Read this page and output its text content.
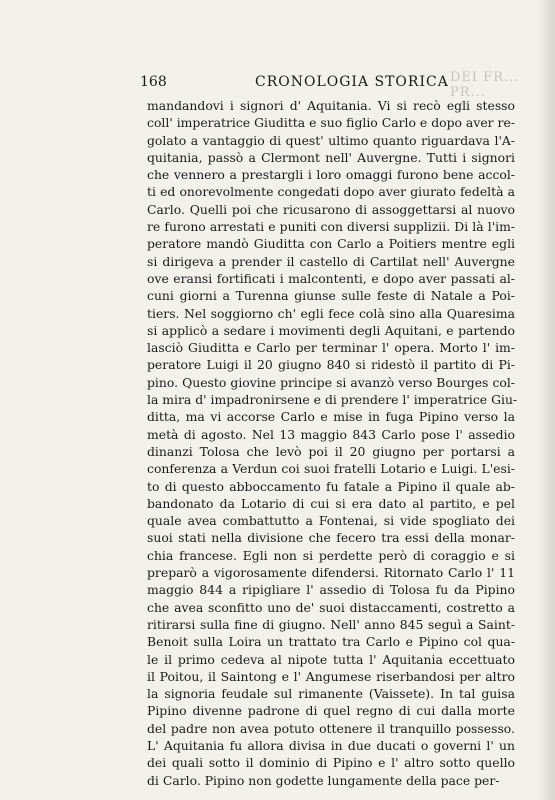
DEI FR... PR...
168	CRONOLOGIA STORICA
mandandovi i signori d' Aquitania. Vi si recò egli stesso
coll' imperatrice Giuditta e suo figlio Carlo e dopo aver re-
golato a vantaggio di quest' ultimo quanto riguardava l'A-
quitania, passò a Clermont nell' Auvergne. Tutti i signori
che vennero a prestargli i loro omaggi furono bene accol-
ti ed onorevolmente congedati dopo aver giurato fedeltà a
Carlo. Quelli poi che ricusarono di assoggettarsi al nuovo
re furono arrestati e puniti con diversi supplizii. Di là l'im-
peratore mandò Giuditta con Carlo a Poitiers mentre egli
si dirigeva a prender il castello di Cartilat nell' Auvergne
ove eransi fortificati i malcontenti, e dopo aver passati al-
cuni giorni a Turenna giunse sulle feste di Natale a Poi-
tiers. Nel soggiorno ch' egli fece colà sino alla Quaresima
si applicò a sedare i movimenti degli Aquitani, e partendo
lasciò Giuditta e Carlo per terminar l' opera. Morto l' im-
peratore Luigi il 20 giugno 840 si ridestò il partito di Pi-
pino. Questo giovine principe si avanzò verso Bourges col-
la mira d' impadronirsene e di prendere l' imperatrice Giu-
ditta, ma vi accorse Carlo e mise in fuga Pipino verso la
metà di agosto. Nel 13 maggio 843 Carlo pose l' assedio
dinanzi Tolosa che levò poi il 20 giugno per portarsi a
conferenza a Verdun coi suoi fratelli Lotario e Luigi. L'esi-
to di questo abboccamento fu fatale a Pipino il quale ab-
bandonato da Lotario di cui si era dato al partito, e pel
quale avea combattutto a Fontenai, si vide spogliato dei
suoi stati nella divisione che fecero tra essi della monar-
chia francese. Egli non si perdette però di coraggio e si
preparò a vigorosamente difendersi. Ritornato Carlo l' 11
maggio 844 a ripigliare l' assedio di Tolosa fu da Pipino
che avea sconfitto uno de' suoi distaccamenti, costretto a
ritirarsi sulla fine di giugno. Nell' anno 845 seguì a Saint-
Benoit sulla Loira un trattato tra Carlo e Pipino col qua-
le il primo cedeva al nipote tutta l' Aquitania eccettuato
il Poitou, il Saintong e l' Angumese riserbandosi per altro
la signoria feudale sul rimanente (Vaissete). In tal guisa
Pipino divenne padrone di quel regno di cui dalla morte
del padre non avea potuto ottenere il tranquillo possesso.
L' Aquitania fu allora divisa in due ducati o governi l' un
dei quali sotto il dominio di Pipino e l' altro sotto quello
di Carlo. Pipino non godette lungamente della pace per-
